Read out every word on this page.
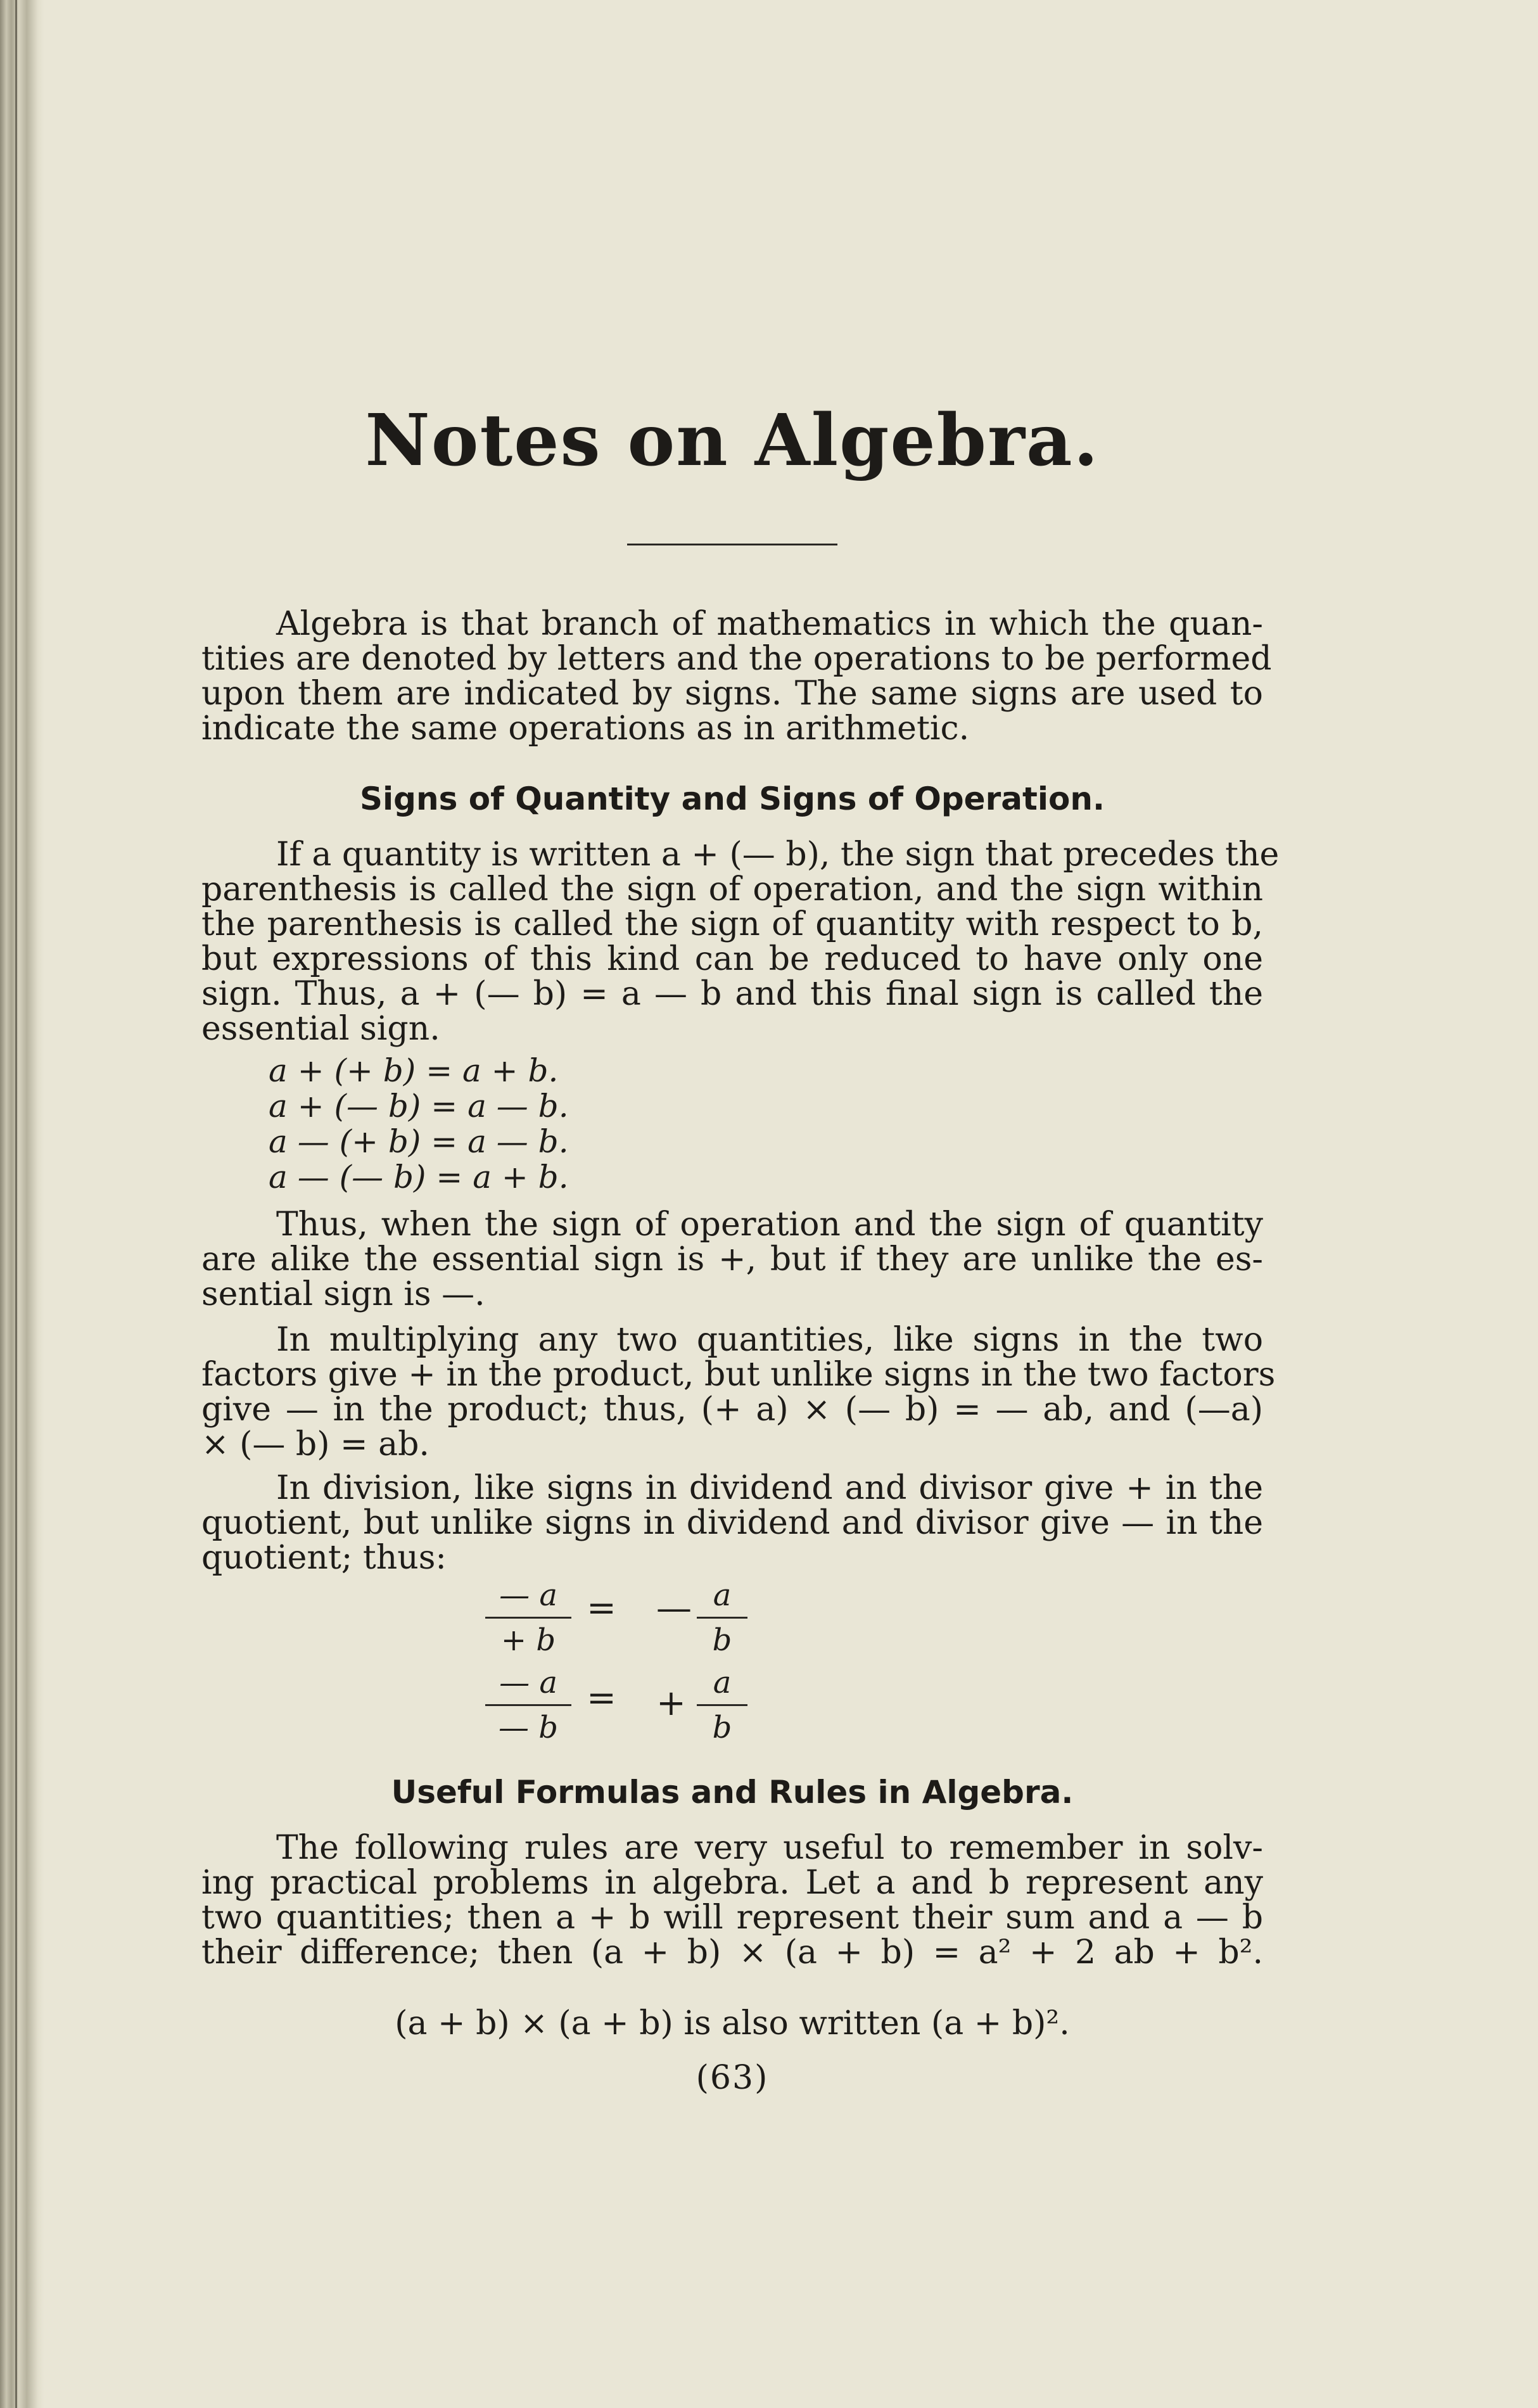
Notes on Algebra.
Algebra is that branch of mathematics in which the quan-
tities are denoted by letters and the operations to be performed
upon them are indicated by signs. The same signs are used to
indicate the same operations as in arithmetic.
Signs of Quantity and Signs of Operation.
If a quantity is written a + (— b), the sign that precedes the
parenthesis is called the sign of operation, and the sign within
the parenthesis is called the sign of quantity with respect to b,
but expressions of this kind can be reduced to have only one
sign. Thus, a + (— b) = a — b and this final sign is called the
essential sign.
a + (+ b) = a + b.
a + (— b) = a — b.
a — (+ b) = a — b.
a — (— b) = a + b.
Thus, when the sign of operation and the sign of quantity
are alike the essential sign is +, but if they are unlike the es-
sential sign is —.
In multiplying any two quantities, like signs in the two
factors give + in the product, but unlike signs in the two factors
give — in the product; thus, (+ a) × (— b) = — ab, and (—a)
× (— b) = ab.
In division, like signs in dividend and divisor give + in the
quotient, but unlike signs in dividend and divisor give — in the
quotient; thus:
$\frac{— a}{+ b}$ = — $\frac{a}{b}$
$\frac{— a}{— b}$ = + $\frac{a}{b}$
Useful Formulas and Rules in Algebra.
The following rules are very useful to remember in solv-
ing practical problems in algebra. Let a and b represent any
two quantities; then a + b will represent their sum and a — b
their difference; then (a + b) × (a + b) = a² + 2 ab + b².
(a + b) × (a + b) is also written (a + b)².
(63)
